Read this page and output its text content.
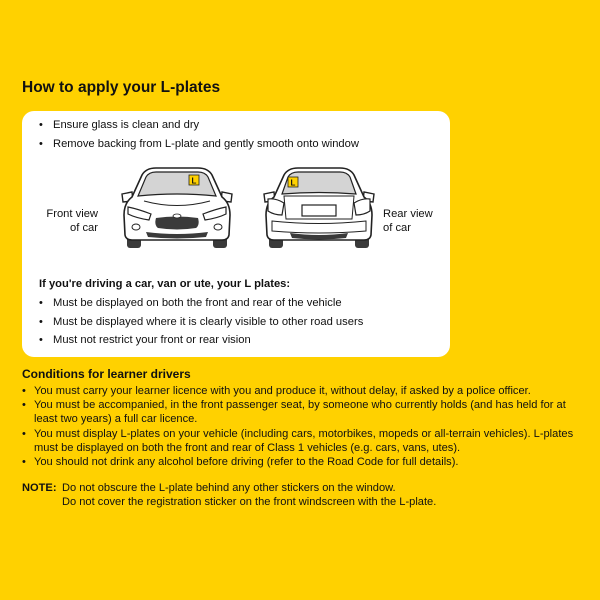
How to apply your L-plates
• Ensure glass is clean and dry
• Remove backing from L-plate and gently smooth onto window
Front view
of car
L	L
Rear view
of car
If you're driving a car, van or ute, your L plates:
• Must be displayed on both the front and rear of the vehicle
• Must be displayed where it is clearly visible to other road users
• Must not restrict your front or rear vision
Conditions for learner drivers
• You must carry your learner licence with you and produce it, without delay, if asked by a police officer.
• You must be accompanied, in the front passenger seat, by someone who currently holds (and has held for at least two years) a full car licence.
• You must display L-plates on your vehicle (including cars, motorbikes, mopeds or all-terrain vehicles). L-plates must be displayed on both the front and rear of Class 1 vehicles (e.g. cars, vans, utes).
• You should not drink any alcohol before driving (refer to the Road Code for full details).
NOTE: Do not obscure the L-plate behind any other stickers on the window.
Do not cover the registration sticker on the front windscreen with the L-plate.
